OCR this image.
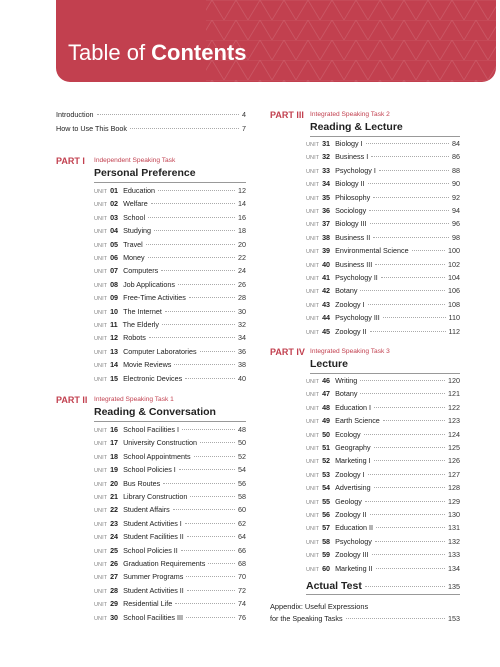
Table of Contents
Introduction	4
How to Use This Book	7
PART I Independent Speaking Task
Personal Preference
UNIT 01 Education	12
UNIT 02 Welfare	14
UNIT 03 School	16
UNIT 04 Studying	18
UNIT 05 Travel	20
UNIT 06 Money	22
UNIT 07 Computers	24
UNIT 08 Job Applications	26
UNIT 09 Free-Time Activities	28
UNIT 10 The Internet	30
UNIT 11 The Elderly	32
UNIT 12 Robots	34
UNIT 13 Computer Laboratories	36
UNIT 14 Movie Reviews	38
UNIT 15 Electronic Devices	40
PART II Integrated Speaking Task 1
Reading & Conversation
UNIT 16 School Facilities I	48
UNIT 17 University Construction	50
UNIT 18 School Appointments	52
UNIT 19 School Policies I	54
UNIT 20 Bus Routes	56
UNIT 21 Library Construction	58
UNIT 22 Student Affairs	60
UNIT 23 Student Activities I	62
UNIT 24 Student Facilities II	64
UNIT 25 School Policies II	66
UNIT 26 Graduation Requirements	68
UNIT 27 Summer Programs	70
UNIT 28 Student Activities II	72
UNIT 29 Residential Life	74
UNIT 30 School Facilities III	76
PART III Integrated Speaking Task 2
Reading & Lecture
UNIT 31 Biology I	84
UNIT 32 Business I	86
UNIT 33 Psychology I	88
UNIT 34 Biology II	90
UNIT 35 Philosophy	92
UNIT 36 Sociology	94
UNIT 37 Biology III	96
UNIT 38 Business II	98
UNIT 39 Environmental Science	100
UNIT 40 Business III	102
UNIT 41 Psychology II	104
UNIT 42 Botany	106
UNIT 43 Zoology I	108
UNIT 44 Psychology III	110
UNIT 45 Zoology II	112
PART IV Integrated Speaking Task 3
Lecture
UNIT 46 Writing	120
UNIT 47 Botany	121
UNIT 48 Education I	122
UNIT 49 Earth Science	123
UNIT 50 Ecology	124
UNIT 51 Geography	125
UNIT 52 Marketing I	126
UNIT 53 Zoology I	127
UNIT 54 Advertising	128
UNIT 55 Geology	129
UNIT 56 Zoology II	130
UNIT 57 Education II	131
UNIT 58 Psychology	132
UNIT 59 Zoology III	133
UNIT 60 Marketing II	134
Actual Test	135
Appendix: Useful Expressions
for the Speaking Tasks	153
